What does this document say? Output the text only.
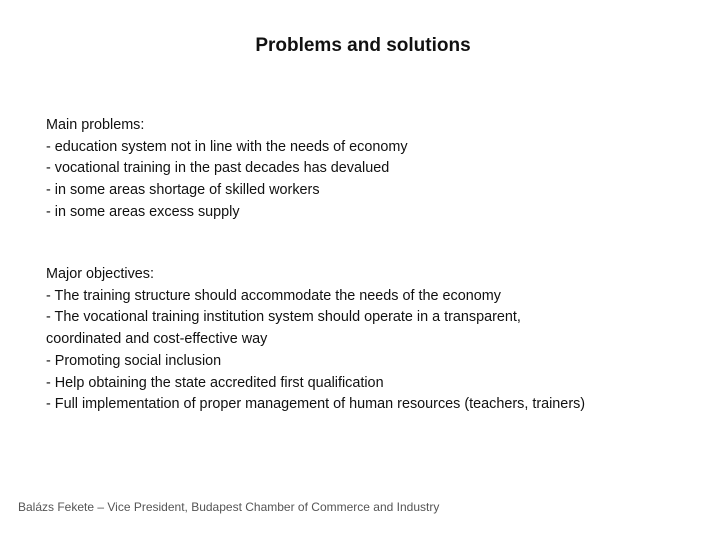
Problems and solutions
Main problems:
- education system not in line with the needs of economy
- vocational training in the past decades has devalued
- in some areas shortage of skilled workers
- in some areas excess supply
Major objectives:
- The training structure should accommodate the needs of the economy
- The vocational training institution system should operate in a transparent,
coordinated and cost-effective way
- Promoting social inclusion
- Help obtaining the state accredited first qualification
- Full implementation of proper management of human resources (teachers, trainers)
Balázs Fekete – Vice President, Budapest Chamber of Commerce and Industry
